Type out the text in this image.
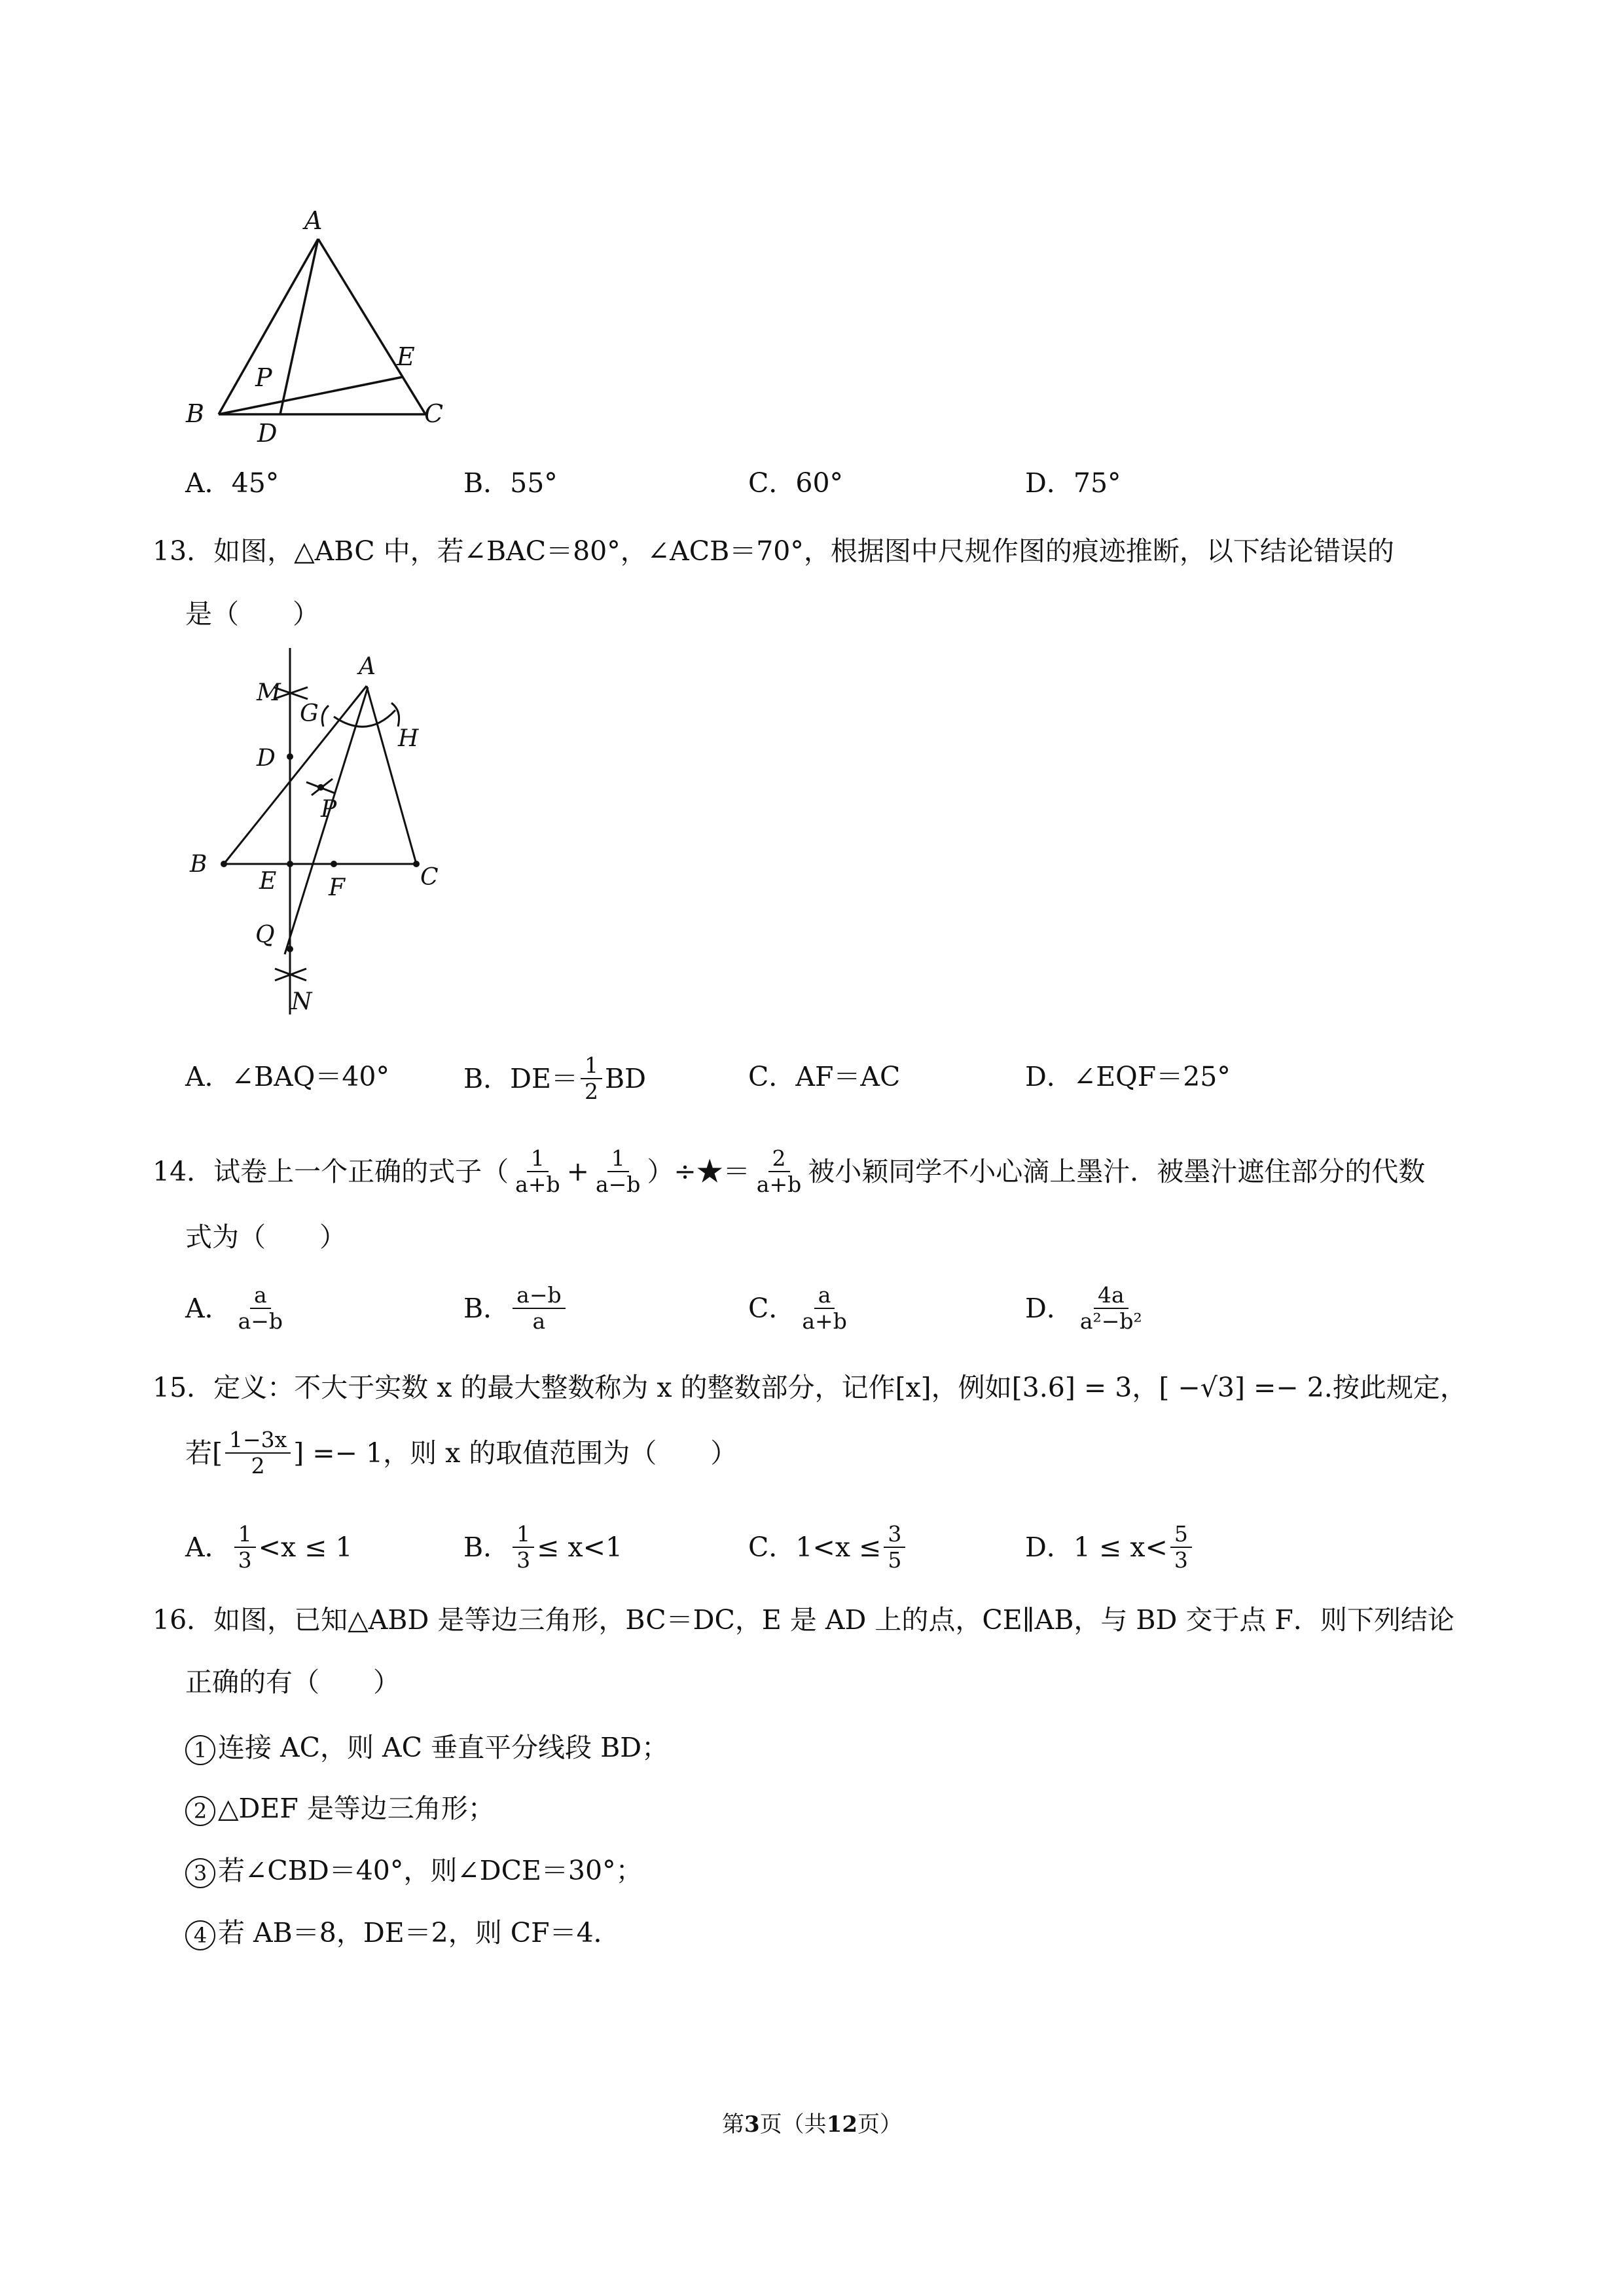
A
B	C
D
E
P
A． 45°	B． 55°	C． 60°	D． 75°
13．如图，△ABC 中，若∠BAC＝80°，∠ACB＝70°，根据图中尺规作图的痕迹推断，以下结论错误的
是（　　）
M
A
G
H
D
P
B
E F	C
Q
N
A． ∠BAQ＝40°	B． $DE= \frac{1}{2}$ BD	C． AF＝AC	D． ∠EQF＝25°
14． 试卷上一个正确的式子（ $\frac{1}{a+b} + \frac{1}{a-b}$ ）÷★＝ $\frac{2}{a+b}$ 被小颖同学不小心滴上墨汁．被墨汁遮住部分的代数
式为（　　）
A． $\frac{a}{a-b}$	B． $\frac{a-b}{a}$	C． $\frac{a}{a+b}$	D． $\frac{4a}{\text{a²−b²}}$
15．定义：不大于实数 x 的最大整数称为 x 的整数部分，记作[x]，例如[3.6] = 3，[ −√3] =− 2.按此规定，
若[ $\frac{1-3x}{2}$ ] =− 1，则 x 的取值范围为（　　）
A． $\frac{1}{3} <x \le 1$	B． $\frac{1}{3} \le x<1$	C． $1<x \le \frac{3}{5}$	D． $1 \le x< \frac{5}{3}$
16．如图，已知△ABD 是等边三角形，BC＝DC，E 是 AD 上的点，CE∥AB，与 BD 交于点 F．则下列结论
正确的有（　　）
1 连接 AC，则 AC 垂直平分线段 BD；
2 △DEF 是等边三角形；
3 若∠CBD＝40°，则∠DCE＝30°；
4 若 AB＝8，DE＝2，则 CF＝4．
第3页（共12页）
